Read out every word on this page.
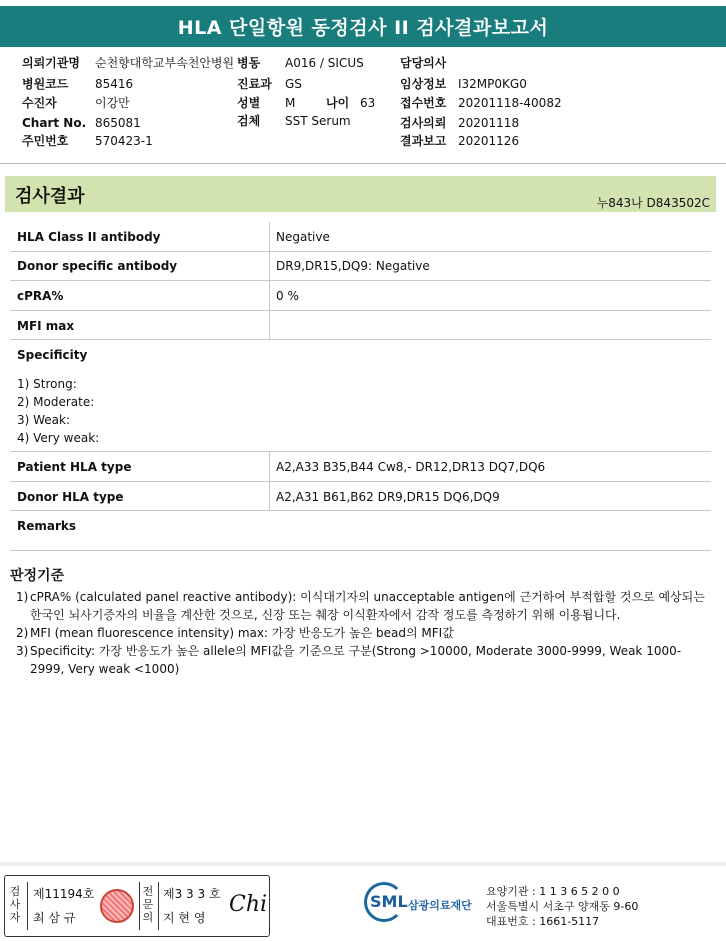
HLA 단일항원 동정검사 II 검사결과보고서
의뢰기관명 순천향대학교부속천안병원 병동 A016 / SICUS	담당의사
병원코드 85416	진료과 GS	임상정보 I32MP0KG0
수진자	이강만	성별 M	나이 63 접수번호 20201118-40082
Chart No. 865081	검체 SST Serum	검사의뢰 20201118
주민번호 570423-1	결과보고 20201126
검사결과	누843나 D843502C
HLA Class II antibody	Negative
Donor specific antibody	DR9,DR15,DQ9: Negative
cPRA%	0 %
MFI max
Specificity
1) Strong:
2) Moderate:
3) Weak:
4) Very weak:
Patient HLA type	A2,A33 B35,B44 Cw8,- DR12,DR13 DQ7,DQ6
Donor HLA type	A2,A31 B61,B62 DR9,DR15 DQ6,DQ9
Remarks
판정기준
1) cPRA% (calculated panel reactive antibody): 이식대기자의 unacceptable antigen에 근거하여 부적합할 것으로 예상되는 한국인 뇌사기증자의 비율을 계산한 것으로, 신장 또는 췌장 이식환자에서 감작 정도를 측정하기 위해 이용됩니다.
2) MFI (mean fluorescence intensity) max: 가장 반응도가 높은 bead의 MFI값
3) Specificity: 가장 반응도가 높은 allele의 MFI값을 기준으로 구분(Strong >10000, Moderate 3000-9999, Weak 1000-2999, Very weak <1000)
검
사
자
제11194호
최 삼 규
전
문
의
제3 3 3 호
지 현 영
Chi	SML 삼광의료재단
요양기관 : 1 1 3 6 5 2 0 0
서울특별시 서초구 양재동 9-60
대표번호 : 1661-5117
